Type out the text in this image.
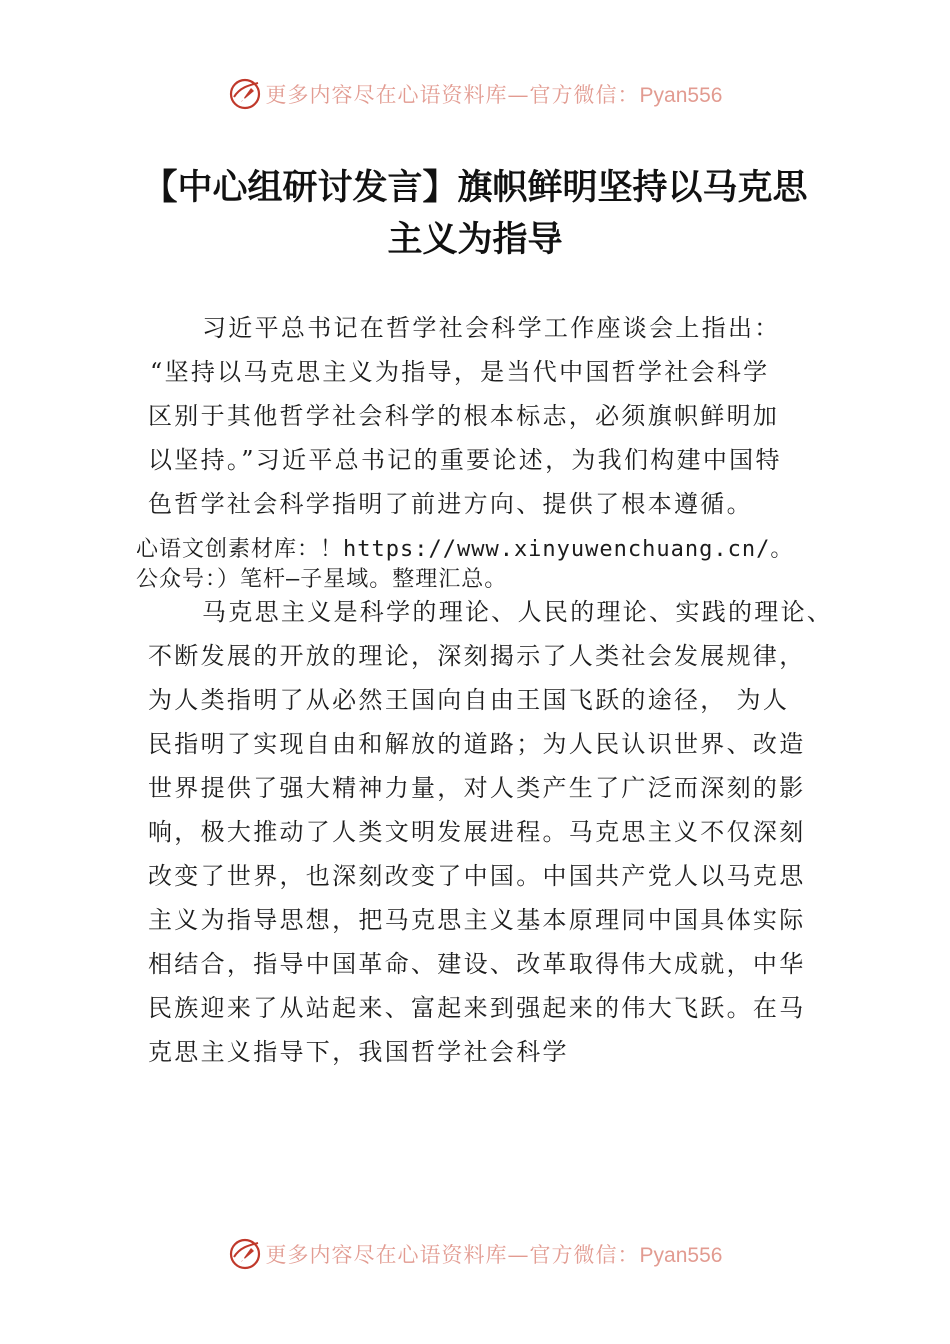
更多内容尽在心语资料库—官方微信：Pyan556
【中心组研讨发言】旗帜鲜明坚持以马克思
主义为指导
习近平总书记在哲学社会科学工作座谈会上指出：
“坚持以马克思主义为指导，是当代中国哲学社会科学
区别于其他哲学社会科学的根本标志，必须旗帜鲜明加
以坚持。”习近平总书记的重要论述，为我们构建中国特
色哲学社会科学指明了前进方向、提供了根本遵循。
心语文创素材库：！https://www.xinyuwenchuang.cn/。
公众号：）笔杆—子星域。整理汇总。
马克思主义是科学的理论、人民的理论、实践的理论、
不断发展的开放的理论，深刻揭示了人类社会发展规律，
为人类指明了从必然王国向自由王国飞跃的途径， 为人
民指明了实现自由和解放的道路；为人民认识世界、改造
世界提供了强大精神力量，对人类产生了广泛而深刻的影
响，极大推动了人类文明发展进程。马克思主义不仅深刻
改变了世界，也深刻改变了中国。中国共产党人以马克思
主义为指导思想，把马克思主义基本原理同中国具体实际
相结合，指导中国革命、建设、改革取得伟大成就，中华
民族迎来了从站起来、富起来到强起来的伟大飞跃。在马
克思主义指导下，我国哲学社会科学
更多内容尽在心语资料库—官方微信：Pyan556
